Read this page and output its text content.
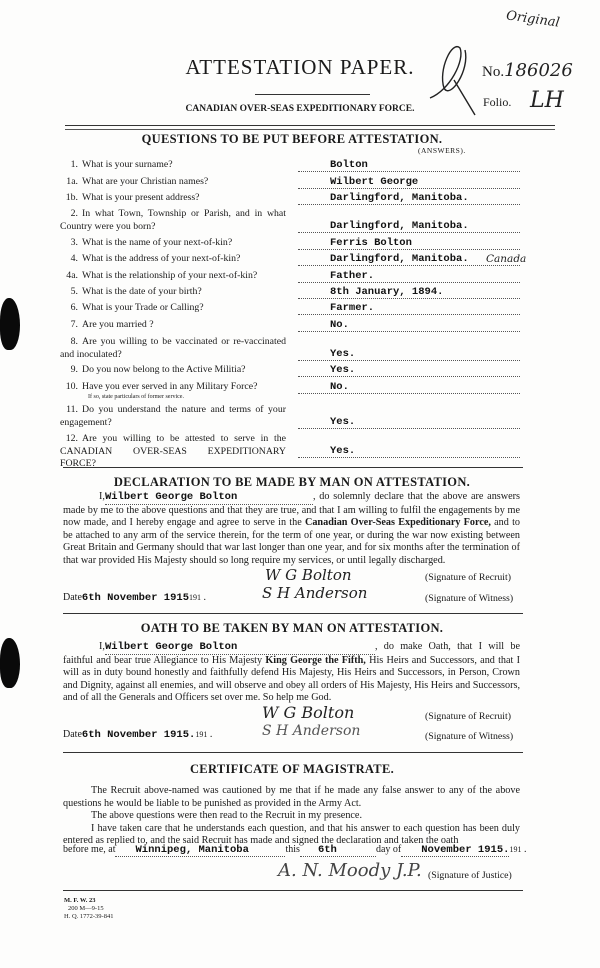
Original
ATTESTATION PAPER.	No.186026
CANADIAN OVER-SEAS EXPEDITIONARY FORCE.	Folio. LH
QUESTIONS TO BE PUT BEFORE ATTESTATION.
(ANSWERS).
1. What is your surname?	Bolton
1a. What are your Christian names?	Wilbert George
1b. What is your present address?	Darlingford, Manitoba.
2. In what Town, Township or Parish, and in what Country were you born?	Darlingford, Manitoba.
3. What is the name of your next-of-kin?	Ferris Bolton
4. What is the address of your next-of-kin?	Darlingford, Manitoba. Canada
4a. What is the relationship of your next-of-kin?	Father.
5. What is the date of your birth?	8th January, 1894.
6. What is your Trade or Calling?	Farmer.
7. Are you married ?	No.
8. Are you willing to be vaccinated or re-vaccinated and inoculated?	Yes.
9. Do you now belong to the Active Militia?	Yes.
10. Have you ever served in any Military Force?
If so, state particulars of former service.
No.
11. Do you understand the nature and terms of your engagement?	Yes.
12. Are you willing to be attested to serve in the CANADIAN OVER-SEAS EXPEDITIONARY FORCE?
Yes.
DECLARATION TO BE MADE BY MAN ON ATTESTATION.
I,Wilbert George Bolton	, do solemnly declare that the above are answers made by me to the above questions and that they are true, and that I am willing to fulfil the engagements by me now made, and I hereby engage and agree to serve in the Canadian Over-Seas Expeditionary Force, and to be attached to any arm of the service therein, for the term of one year, or during the war now existing between Great Britain and Germany should that war last longer than one year, and for six months after the termination of that war provided His Majesty should so long require my services, or until legally discharged.
W G Bolton	(Signature of Recruit)
Date6th November 1915191 .	S H Anderson	(Signature of Witness)
OATH TO BE TAKEN BY MAN ON ATTESTATION.
I,Wilbert George Bolton	, do make Oath, that I will be faithful and bear true Allegiance to His Majesty King George the Fifth, His Heirs and Successors, and that I will as in duty bound honestly and faithfully defend His Majesty, His Heirs and Successors, in Person, Crown and Dignity, against all enemies, and will observe and obey all orders of His Majesty, His Heirs and Successors, and of all the Generals and Officers set over me. So help me God.
W G Bolton	(Signature of Recruit)
Date6th November 1915.191 .	S H Anderson	(Signature of Witness)
CERTIFICATE OF MAGISTRATE.
The Recruit above-named was cautioned by me that if he made any false answer to any of the above questions he would be liable to be punished as provided in the Army Act.
The above questions were then read to the Recruit in my presence.
I have taken care that he understands each question, and that his answer to each question has been duly entered as replied to, and the said Recruit has made and signed the declaration and taken the oath
before me, at Winnipeg, Manitoba	this 6th	day of November 1915.191 .
A. N. Moody J.P. (Signature of Justice)
M. F. W. 23
200 M—9-15
H. Q. 1772-39-841
